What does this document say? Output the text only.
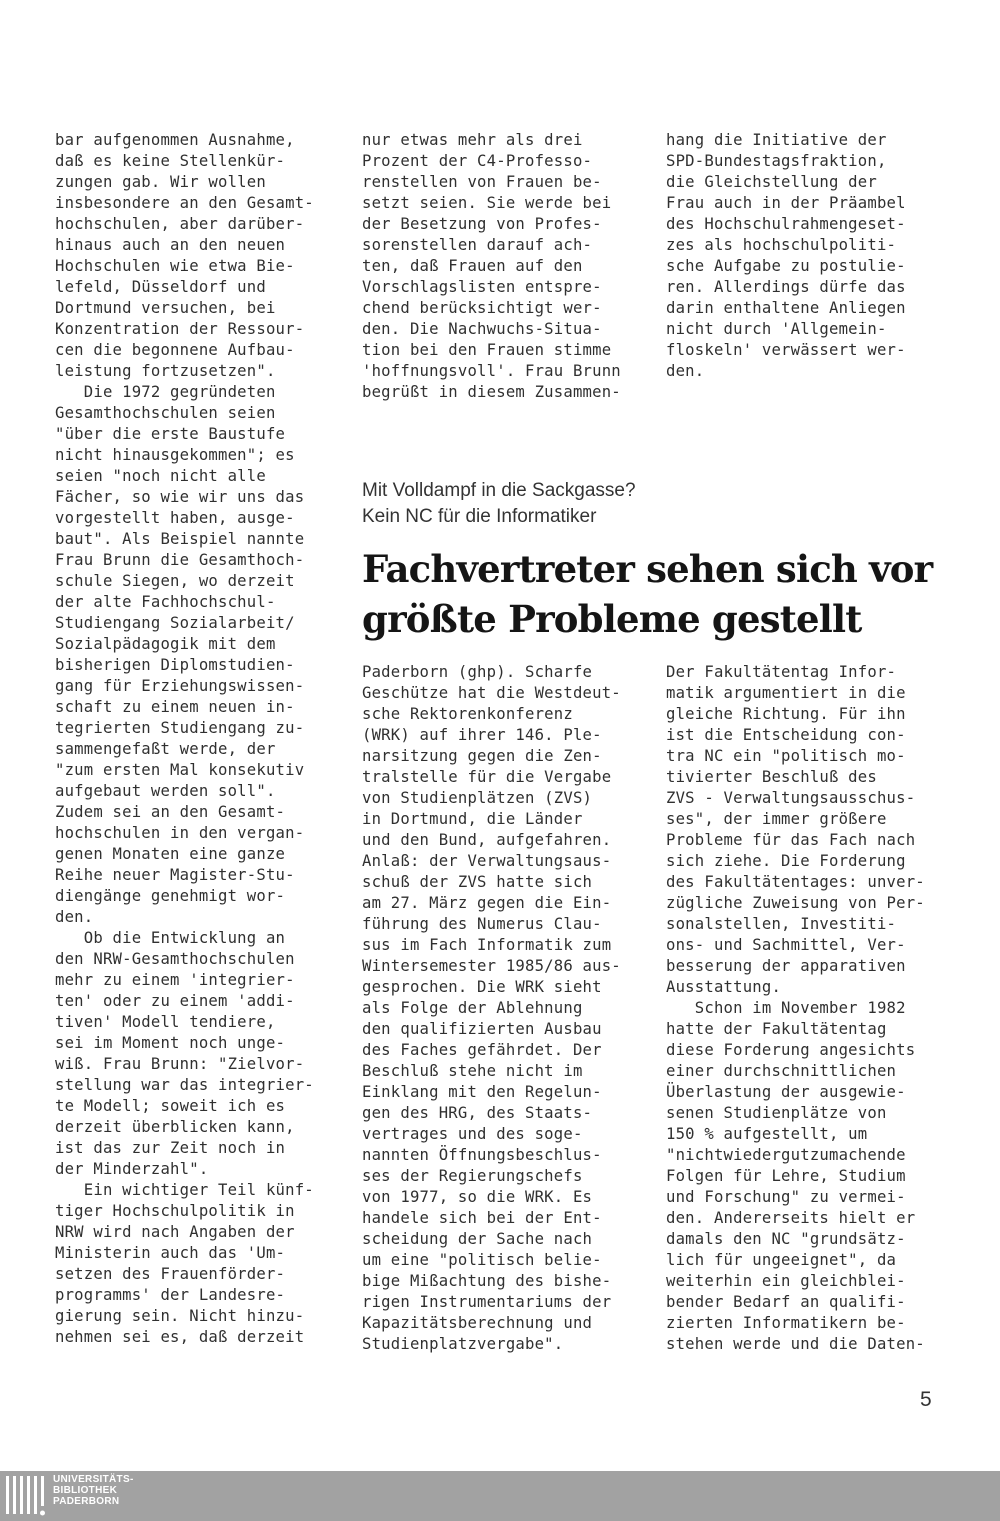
bar aufgenommen Ausnahme,
daß es keine Stellenkür-
zungen gab. Wir wollen
insbesondere an den Gesamt-
hochschulen, aber darüber-
hinaus auch an den neuen
Hochschulen wie etwa Bie-
lefeld, Düsseldorf und
Dortmund versuchen, bei
Konzentration der Ressour-
cen die begonnene Aufbau-
leistung fortzusetzen".
Die 1972 gegründeten
Gesamthochschulen seien
"über die erste Baustufe
nicht hinausgekommen"; es
seien "noch nicht alle
Fächer, so wie wir uns das
vorgestellt haben, ausge-
baut". Als Beispiel nannte
Frau Brunn die Gesamthoch-
schule Siegen, wo derzeit
der alte Fachhochschul-
Studiengang Sozialarbeit/
Sozialpädagogik mit dem
bisherigen Diplomstudien-
gang für Erziehungswissen-
schaft zu einem neuen in-
tegrierten Studiengang zu-
sammengefaßt werde, der
"zum ersten Mal konsekutiv
aufgebaut werden soll".
Zudem sei an den Gesamt-
hochschulen in den vergan-
genen Monaten eine ganze
Reihe neuer Magister-Stu-
diengänge genehmigt wor-
den.
Ob die Entwicklung an
den NRW-Gesamthochschulen
mehr zu einem 'integrier-
ten' oder zu einem 'addi-
tiven' Modell tendiere,
sei im Moment noch unge-
wiß. Frau Brunn: "Zielvor-
stellung war das integrier-
te Modell; soweit ich es
derzeit überblicken kann,
ist das zur Zeit noch in
der Minderzahl".
Ein wichtiger Teil künf-
tiger Hochschulpolitik in
NRW wird nach Angaben der
Ministerin auch das 'Um-
setzen des Frauenförder-
programms' der Landesre-
gierung sein. Nicht hinzu-
nehmen sei es, daß derzeit
nur etwas mehr als drei
Prozent der C4-Professo-
renstellen von Frauen be-
setzt seien. Sie werde bei
der Besetzung von Profes-
sorenstellen darauf ach-
ten, daß Frauen auf den
Vorschlagslisten entspre-
chend berücksichtigt wer-
den. Die Nachwuchs-Situa-
tion bei den Frauen stimme
'hoffnungsvoll'. Frau Brunn
begrüßt in diesem Zusammen-
hang die Initiative der
SPD-Bundestagsfraktion,
die Gleichstellung der
Frau auch in der Präambel
des Hochschulrahmengeset-
zes als hochschulpoliti-
sche Aufgabe zu postulie-
ren. Allerdings dürfe das
darin enthaltene Anliegen
nicht durch 'Allgemein-
floskeln' verwässert wer-
den.
Mit Volldampf in die Sackgasse?
Kein NC für die Informatiker
Fachvertreter sehen sich vor
größte Probleme gestellt
Paderborn (ghp). Scharfe
Geschütze hat die Westdeut-
sche Rektorenkonferenz
(WRK) auf ihrer 146. Ple-
narsitzung gegen die Zen-
tralstelle für die Vergabe
von Studienplätzen (ZVS)
in Dortmund, die Länder
und den Bund, aufgefahren.
Anlaß: der Verwaltungsaus-
schuß der ZVS hatte sich
am 27. März gegen die Ein-
führung des Numerus Clau-
sus im Fach Informatik zum
Wintersemester 1985/86 aus-
gesprochen. Die WRK sieht
als Folge der Ablehnung
den qualifizierten Ausbau
des Faches gefährdet. Der
Beschluß stehe nicht im
Einklang mit den Regelun-
gen des HRG, des Staats-
vertrages und des soge-
nannten Öffnungsbeschlus-
ses der Regierungschefs
von 1977, so die WRK. Es
handele sich bei der Ent-
scheidung der Sache nach
um eine "politisch belie-
bige Mißachtung des bishe-
rigen Instrumentariums der
Kapazitätsberechnung und
Studienplatzvergabe".
Der Fakultätentag Infor-
matik argumentiert in die
gleiche Richtung. Für ihn
ist die Entscheidung con-
tra NC ein "politisch mo-
tivierter Beschluß des
ZVS - Verwaltungsausschus-
ses", der immer größere
Probleme für das Fach nach
sich ziehe. Die Forderung
des Fakultätentages: unver-
zügliche Zuweisung von Per-
sonalstellen, Investiti-
ons- und Sachmittel, Ver-
besserung der apparativen
Ausstattung.
Schon im November 1982
hatte der Fakultätentag
diese Forderung angesichts
einer durchschnittlichen
Überlastung der ausgewie-
senen Studienplätze von
150 % aufgestellt, um
"nichtwiedergutzumachende
Folgen für Lehre, Studium
und Forschung" zu vermei-
den. Andererseits hielt er
damals den NC "grundsätz-
lich für ungeeignet", da
weiterhin ein gleichblei-
bender Bedarf an qualifi-
zierten Informatikern be-
stehen werde und die Daten-
5
UNIVERSITÄTS-
BIBLIOTHEK
PADERBORN
